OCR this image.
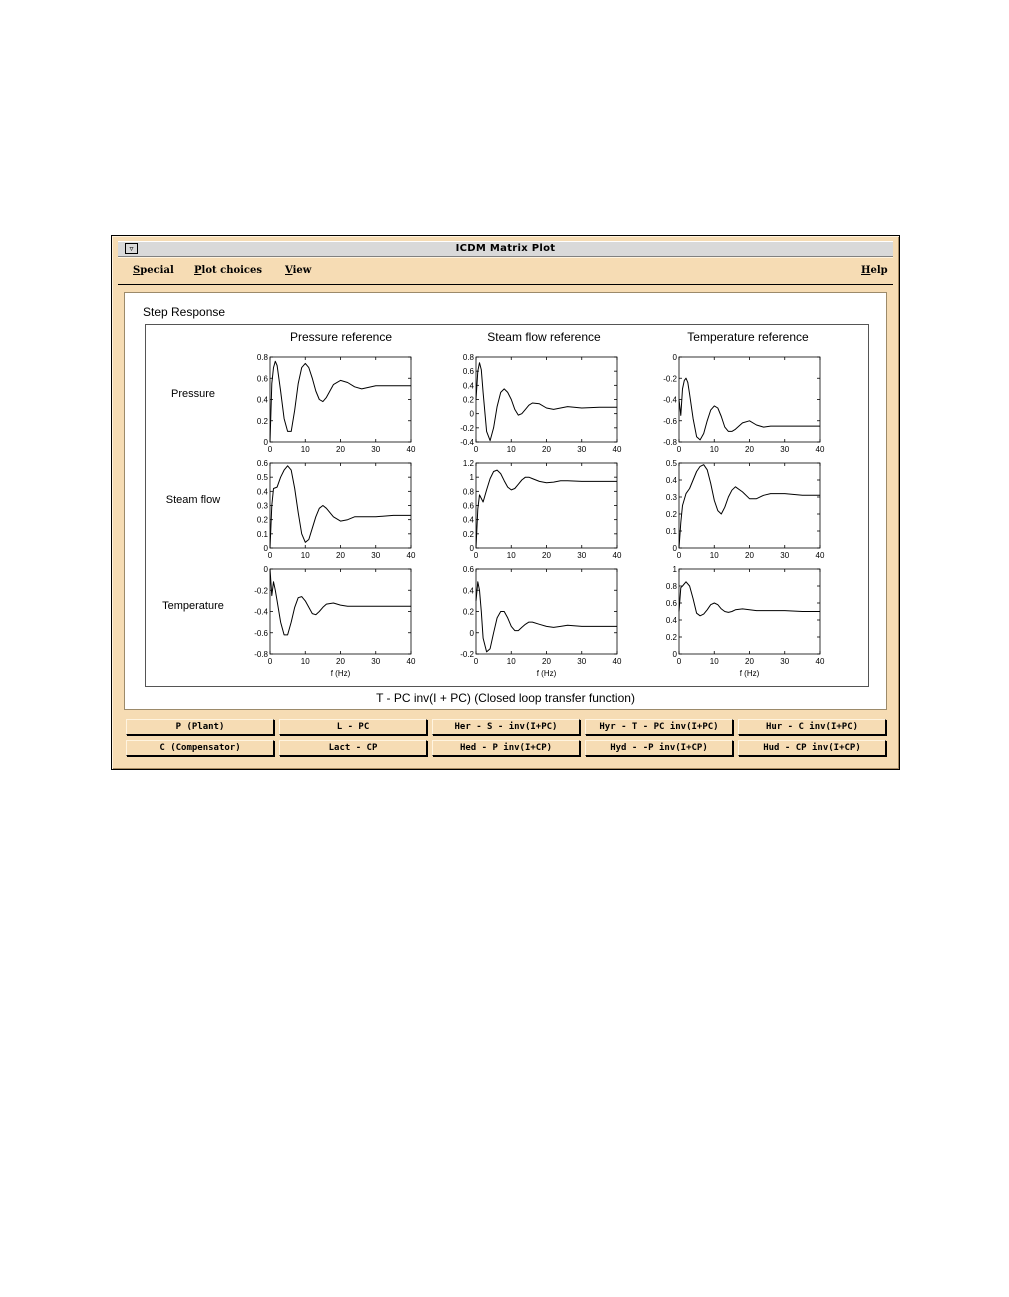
ICDM Matrix Plot
▿
Special Plot choices View	Help
Step Response
Pressure reference	Steam flow reference	Temperature reference
Pressure
Steam flow
Temperature
0
0.2
0.4
0.6
0.8
0	10	20	30	40
-0.4
-0.2
0
0.2
0.4
0.6
0.8
0	10	20	30	40
-0.8
-0.6
-0.4
-0.2
0
0	10	20	30	40
0
0.1
0.2
0.3
0.4
0.5
0.6
0	10	20	30	40
0
0.2
0.4
0.6
0.8
1
1.2
0	10	20	30	40
0
0.1
0.2
0.3
0.4
0.5
0	10	20	30	40
-0.8
-0.6
-0.4
-0.2
0
0	10	20	30	40
f (Hz)
-0.2
0
0.2
0.4
0.6
0	10	20	30	40
f (Hz)
0
0.2
0.4
0.6
0.8
1
0	10	20	30	40
f (Hz)
T - PC inv(I + PC) (Closed loop transfer function)
P (Plant)	L - PC	Her - S - inv(I+PC)	Hyr - T - PC inv(I+PC)	Hur - C inv(I+PC)
C (Compensator)	Lact - CP	Hed - P inv(I+CP)	Hyd - -P inv(I+CP)	Hud - CP inv(I+CP)
